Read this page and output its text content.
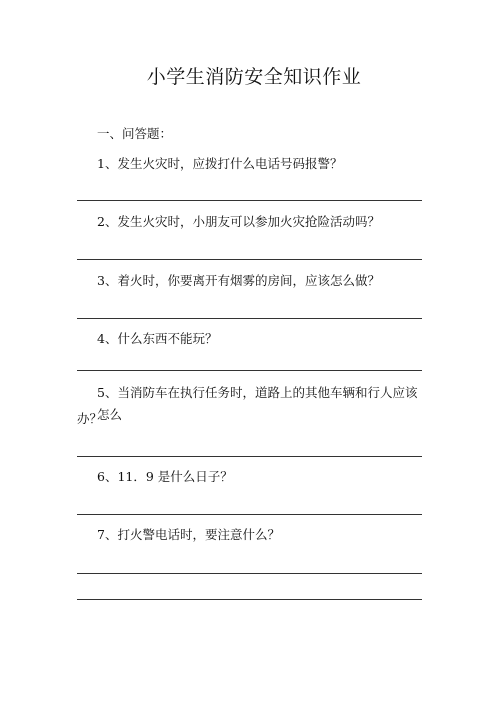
小学生消防安全知识作业
一、问答题：
1、发生火灾时，应拨打什么电话号码报警？
2、发生火灾时，小朋友可以参加火灾抢险活动吗？
3、着火时，你要离开有烟雾的房间，应该怎么做？
4、什么东西不能玩？
5、当消防车在执行任务时，道路上的其他车辆和行人应该怎么
办？
6、11．9 是什么日子？
7、打火警电话时，要注意什么？
